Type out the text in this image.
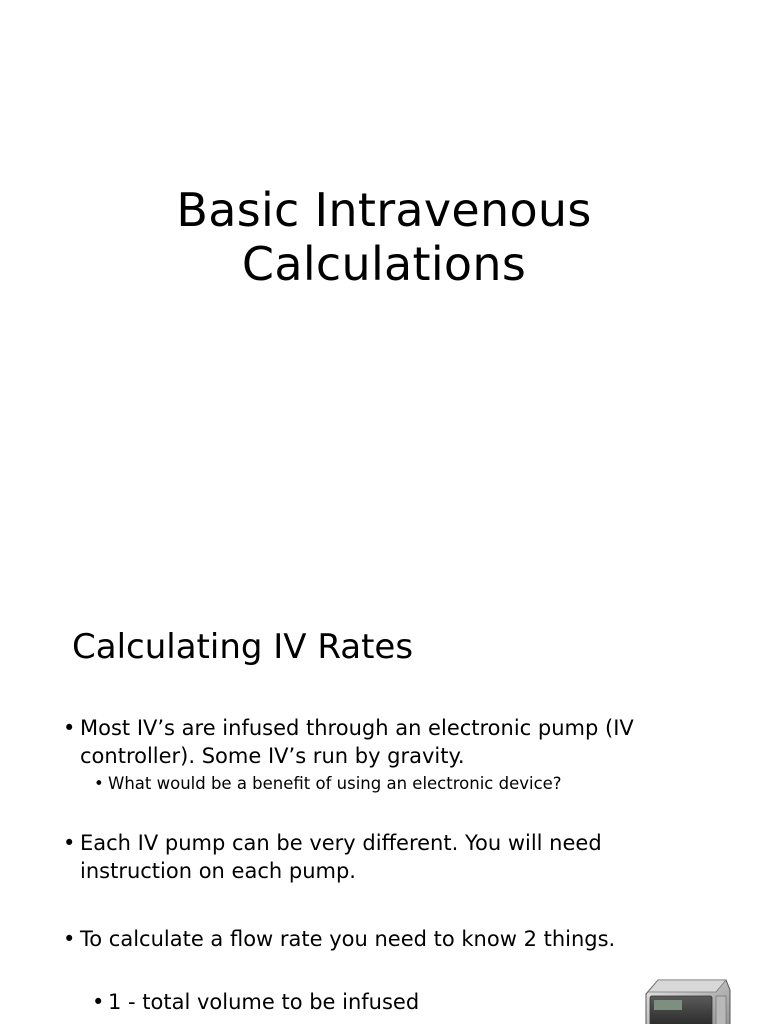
Basic Intravenous
Calculations
Calculating IV Rates
• Most IV’s are infused through an electronic pump (IV
controller). Some IV’s run by gravity.
• What would be a benefit of using an electronic device?
• Each IV pump can be very different. You will need
instruction on each pump.
• To calculate a flow rate you need to know 2 things.
• 1 - total volume to be infused
